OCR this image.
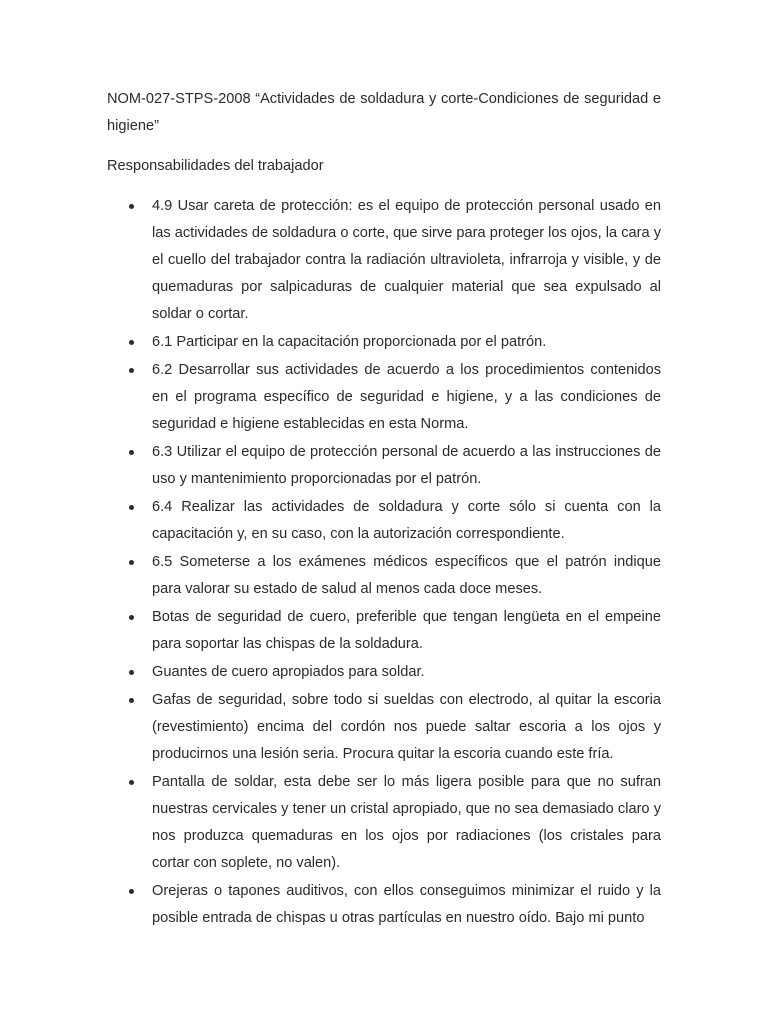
NOM-027-STPS-2008 “Actividades de soldadura y corte-Condiciones de seguridad e higiene”

Responsabilidades del trabajador

4.9 Usar careta de protección: es el equipo de protección personal usado en las actividades de soldadura o corte, que sirve para proteger los ojos, la cara y el cuello del trabajador contra la radiación ultravioleta, infrarroja y visible, y de quemaduras por salpicaduras de cualquier material que sea expulsado al soldar o cortar.
6.1 Participar en la capacitación proporcionada por el patrón.
6.2 Desarrollar sus actividades de acuerdo a los procedimientos contenidos en el programa específico de seguridad e higiene, y a las condiciones de seguridad e higiene establecidas en esta Norma.
6.3 Utilizar el equipo de protección personal de acuerdo a las instrucciones de uso y mantenimiento proporcionadas por el patrón.
6.4 Realizar las actividades de soldadura y corte sólo si cuenta con la capacitación y, en su caso, con la autorización correspondiente.
6.5 Someterse a los exámenes médicos específicos que el patrón indique para valorar su estado de salud al menos cada doce meses.
Botas de seguridad de cuero, preferible que tengan lengüeta en el empeine para soportar las chispas de la soldadura.
Guantes de cuero apropiados para soldar.
Gafas de seguridad, sobre todo si sueldas con electrodo, al quitar la escoria (revestimiento) encima del cordón nos puede saltar escoria a los ojos y producirnos una lesión seria. Procura quitar la escoria cuando este fría.
Pantalla de soldar, esta debe ser lo más ligera posible para que no sufran nuestras cervicales y tener un cristal apropiado, que no sea demasiado claro y nos produzca quemaduras en los ojos por radiaciones (los cristales para cortar con soplete, no valen).
Orejeras o tapones auditivos, con ellos conseguimos minimizar el ruido y la posible entrada de chispas u otras partículas en nuestro oído. Bajo mi punto
